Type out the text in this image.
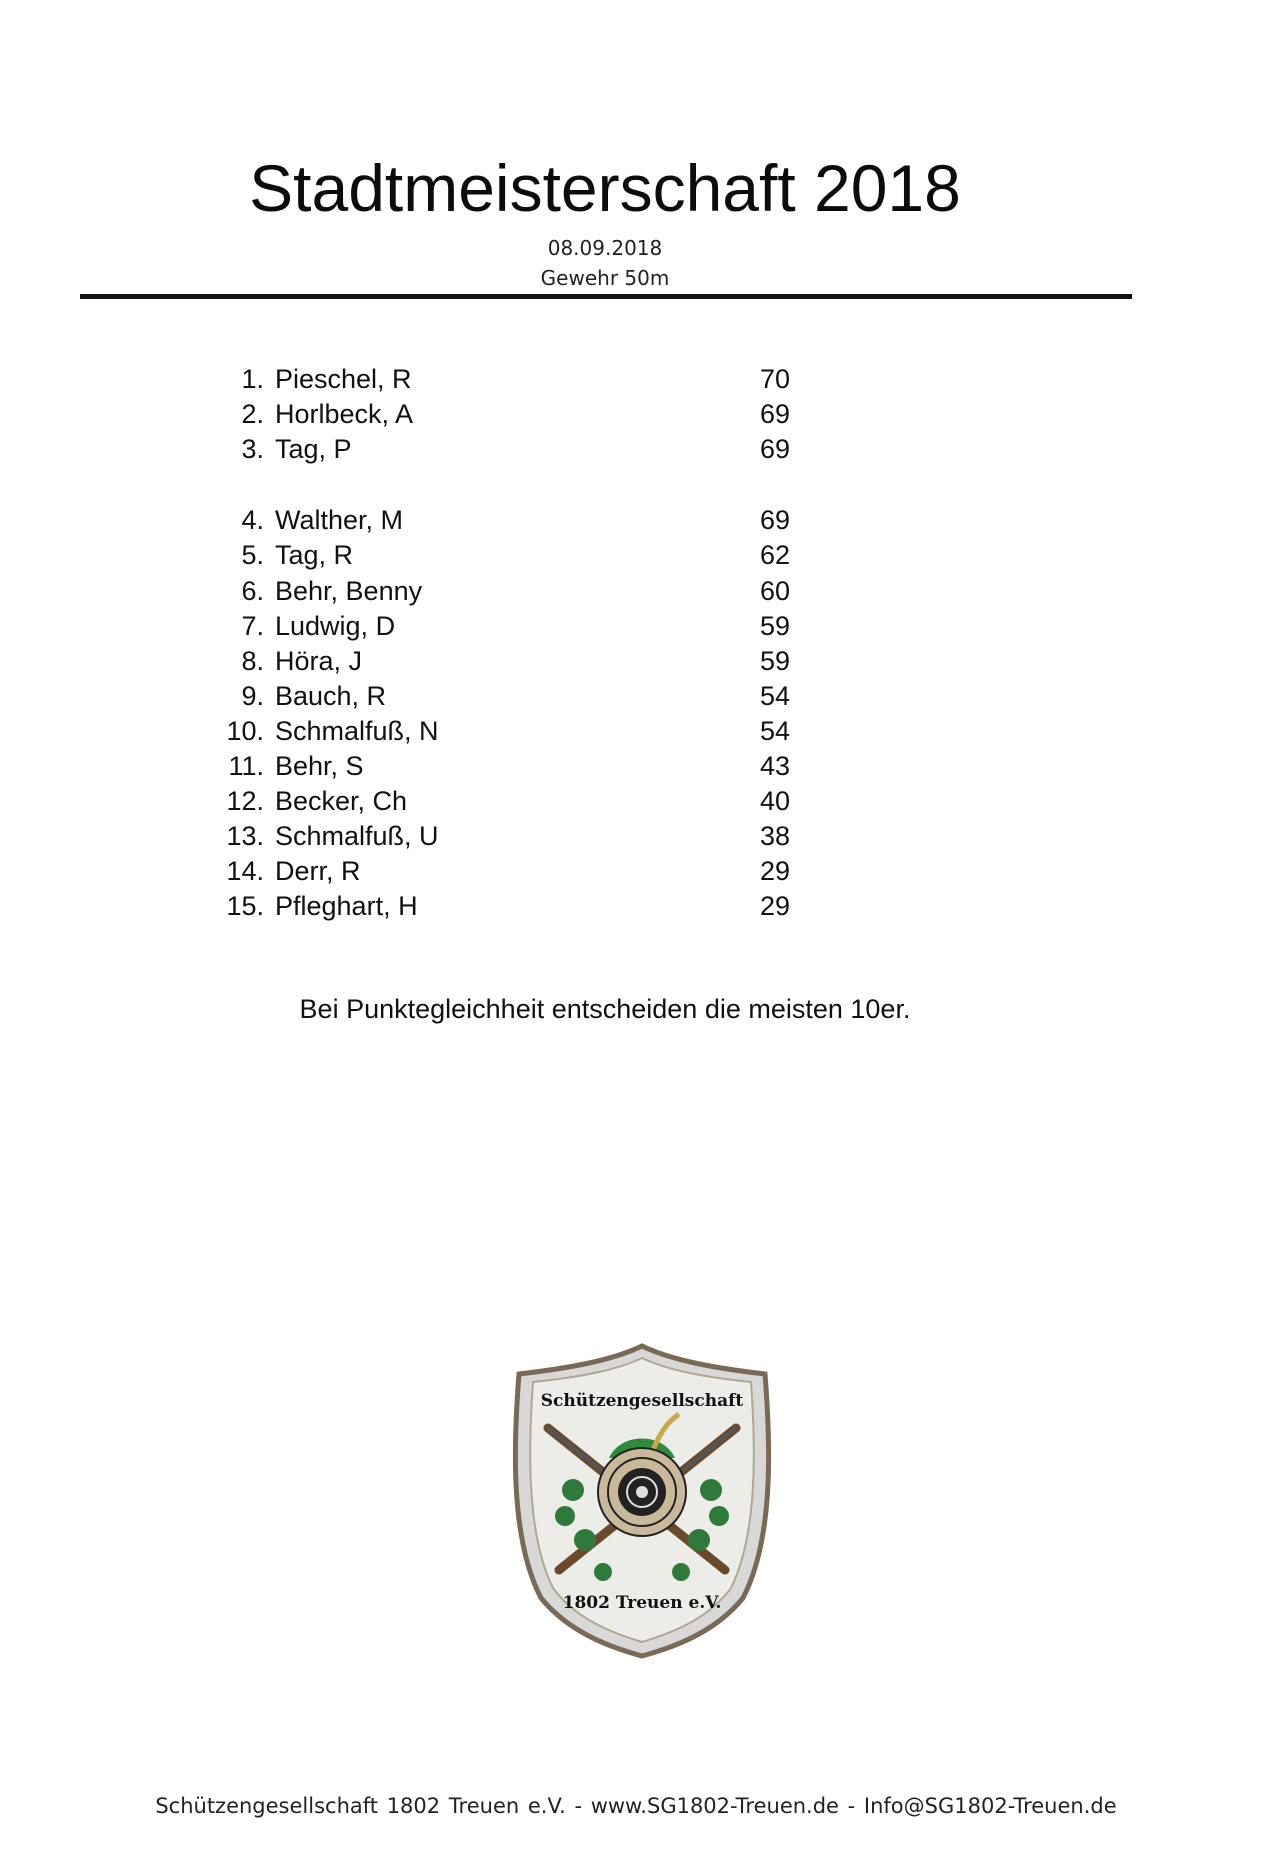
Stadtmeisterschaft 2018
08.09.2018
Gewehr 50m
1. Pieschel, R	70
2. Horlbeck, A	69
3. Tag, P	69
4. Walther, M	69
5. Tag, R	62
6. Behr, Benny	60
7. Ludwig, D	59
8. Höra, J	59
9. Bauch, R	54
10. Schmalfuß, N	54
11. Behr, S	43
12. Becker, Ch	40
13. Schmalfuß, U	38
14. Derr, R	29
15. Pfleghart, H	29
Bei Punktegleichheit entscheiden die meisten 10er.
Schützengesellschaft
1802 Treuen e.V.
Schützengesellschaft 1802 Treuen e.V. - www.SG1802-Treuen.de - Info@SG1802-Treuen.de
